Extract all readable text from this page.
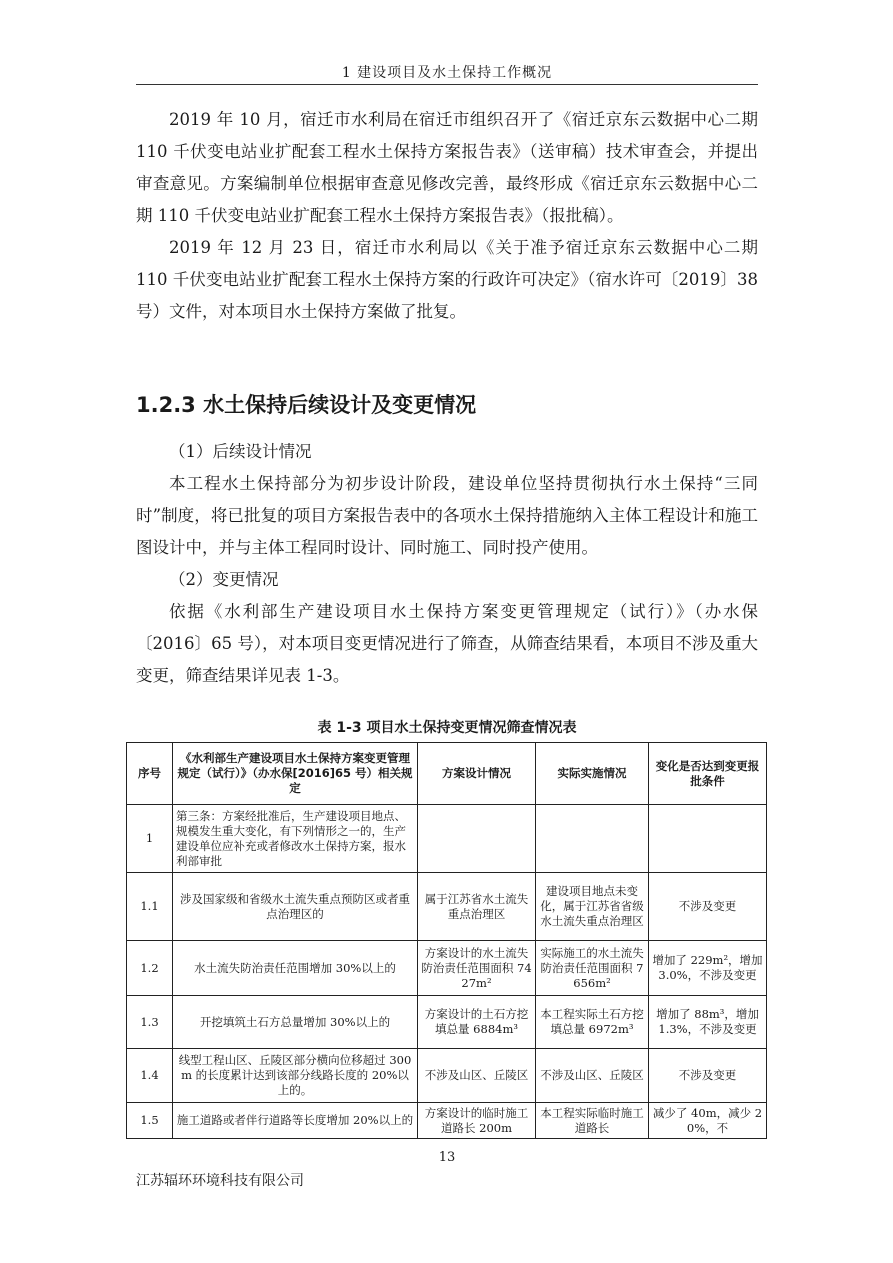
1 建设项目及水土保持工作概况

2019 年 10 月，宿迁市水利局在宿迁市组织召开了《宿迁京东云数据中心二期 110 千伏变电站业扩配套工程水土保持方案报告表》（送审稿）技术审查会，并提出审查意见。方案编制单位根据审查意见修改完善，最终形成《宿迁京东云数据中心二期 110 千伏变电站业扩配套工程水土保持方案报告表》（报批稿）。

2019 年 12 月 23 日，宿迁市水利局以《关于准予宿迁京东云数据中心二期 110 千伏变电站业扩配套工程水土保持方案的行政许可决定》（宿水许可〔2019〕38 号）文件，对本项目水土保持方案做了批复。

1.2.3 水土保持后续设计及变更情况

（1）后续设计情况

本工程水土保持部分为初步设计阶段，建设单位坚持贯彻执行水土保持“三同时”制度，将已批复的项目方案报告表中的各项水土保持措施纳入主体工程设计和施工图设计中，并与主体工程同时设计、同时施工、同时投产使用。

（2）变更情况

依据《水利部生产建设项目水土保持方案变更管理规定（试行）》（办水保〔2016〕65 号），对本项目变更情况进行了筛查，从筛查结果看，本项目不涉及重大变更，筛查结果详见表 1-3。

表 1-3 项目水土保持变更情况筛查情况表
序号	《水利部生产建设项目水土保持方案变更管理规定（试行）》（办水保[2016]65 号）相关规定	方案设计情况	实际实施情况	变化是否达到变更报批条件
1	第三条：方案经批准后，生产建设项目地点、规模发生重大变化，有下列情形之一的，生产建设单位应补充或者修改水土保持方案，报水利部审批			
1.1	涉及国家级和省级水土流失重点预防区或者重点治理区的	属于江苏省水土流失重点治理区	建设项目地点未变化，属于江苏省省级水土流失重点治理区	不涉及变更
1.2	水土流失防治责任范围增加 30%以上的	方案设计的水土流失防治责任范围面积 7427m²	实际施工的水土流失防治责任范围面积 7656m²	增加了 229m²，增加 3.0%，不涉及变更
1.3	开挖填筑土石方总量增加 30%以上的	方案设计的土石方挖填总量 6884m³	本工程实际土石方挖填总量 6972m³	增加了 88m³，增加 1.3%，不涉及变更
1.4	线型工程山区、丘陵区部分横向位移超过 300m 的长度累计达到该部分线路长度的 20%以上的。	不涉及山区、丘陵区	不涉及山区、丘陵区	不涉及变更
1.5	施工道路或者伴行道路等长度增加 20%以上的	方案设计的临时施工道路长 200m	本工程实际临时施工道路长	减少了 40m，减少 20%，不
13
江苏辐环环境科技有限公司
